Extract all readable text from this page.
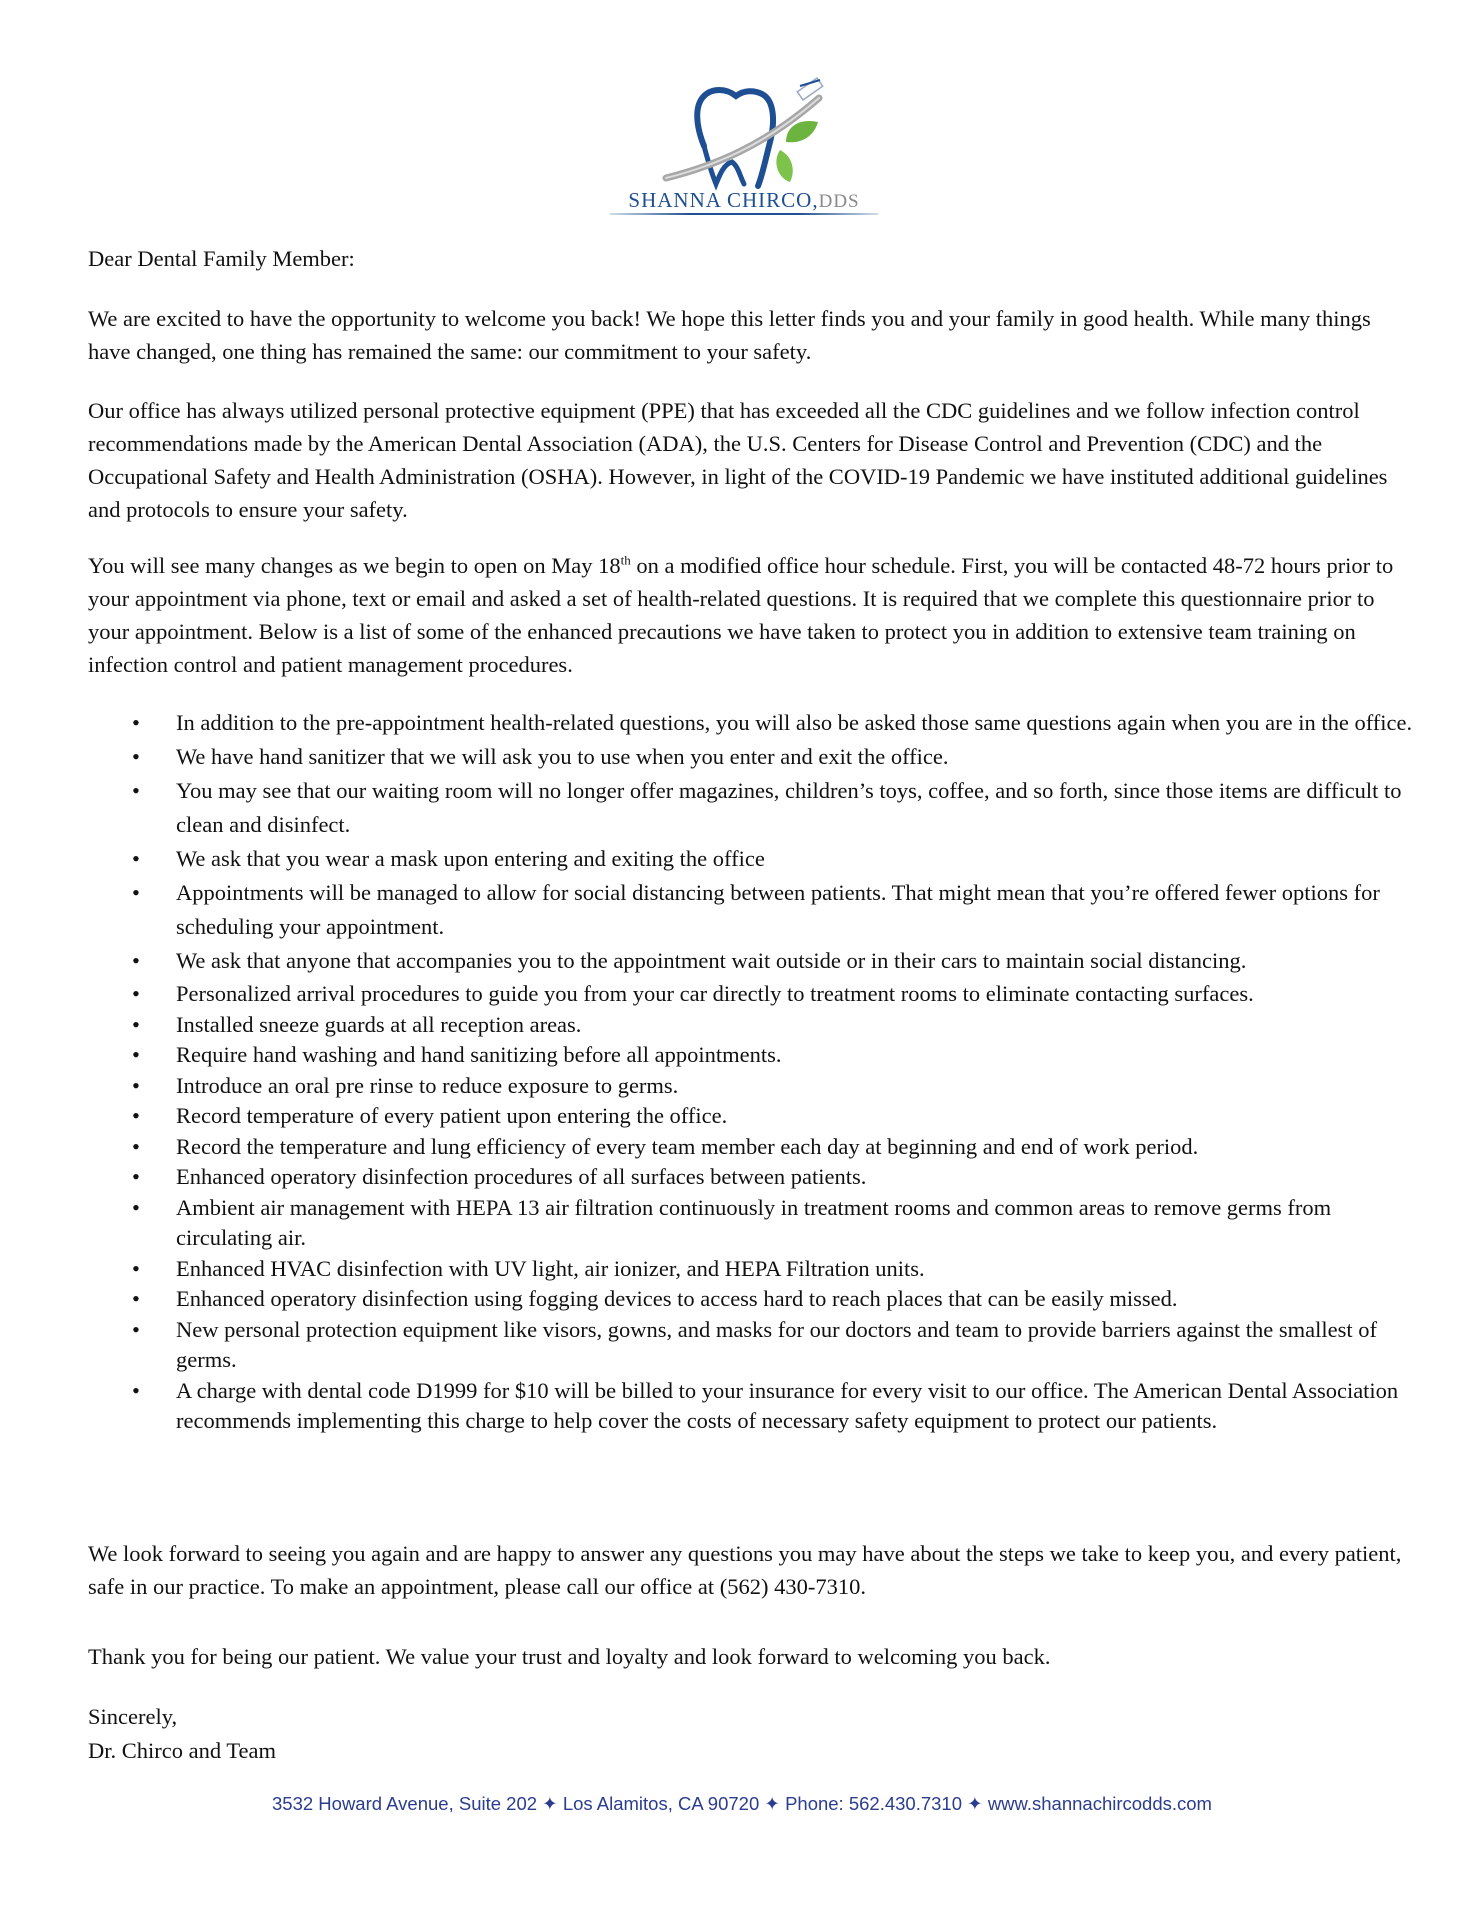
SHANNA CHIRCO,DDS

Dear Dental Family Member:

We are excited to have the opportunity to welcome you back! We hope this letter finds you and your family in good health. While many things have changed, one thing has remained the same: our commitment to your safety.

Our office has always utilized personal protective equipment (PPE) that has exceeded all the CDC guidelines and we follow infection control recommendations made by the American Dental Association (ADA), the U.S. Centers for Disease Control and Prevention (CDC) and the Occupational Safety and Health Administration (OSHA). However, in light of the COVID-19 Pandemic we have instituted additional guidelines and protocols to ensure your safety.

You will see many changes as we begin to open on May 18th on a modified office hour schedule. First, you will be contacted 48-72 hours prior to your appointment via phone, text or email and asked a set of health-related questions. It is required that we complete this questionnaire prior to your appointment. Below is a list of some of the enhanced precautions we have taken to protect you in addition to extensive team training on infection control and patient management procedures.

• In addition to the pre-appointment health-related questions, you will also be asked those same questions again when you are in the office.
• We have hand sanitizer that we will ask you to use when you enter and exit the office.
• You may see that our waiting room will no longer offer magazines, children’s toys, coffee, and so forth, since those items are difficult to clean and disinfect.
• We ask that you wear a mask upon entering and exiting the office
• Appointments will be managed to allow for social distancing between patients. That might mean that you’re offered fewer options for scheduling your appointment.
• We ask that anyone that accompanies you to the appointment wait outside or in their cars to maintain social distancing.
• Personalized arrival procedures to guide you from your car directly to treatment rooms to eliminate contacting surfaces.
• Installed sneeze guards at all reception areas.
• Require hand washing and hand sanitizing before all appointments.
• Introduce an oral pre rinse to reduce exposure to germs.
• Record temperature of every patient upon entering the office.
• Record the temperature and lung efficiency of every team member each day at beginning and end of work period.
• Enhanced operatory disinfection procedures of all surfaces between patients.
• Ambient air management with HEPA 13 air filtration continuously in treatment rooms and common areas to remove germs from circulating air.
• Enhanced HVAC disinfection with UV light, air ionizer, and HEPA Filtration units.
• Enhanced operatory disinfection using fogging devices to access hard to reach places that can be easily missed.
• New personal protection equipment like visors, gowns, and masks for our doctors and team to provide barriers against the smallest of germs.
• A charge with dental code D1999 for $10 will be billed to your insurance for every visit to our office. The American Dental Association recommends implementing this charge to help cover the costs of necessary safety equipment to protect our patients.

We look forward to seeing you again and are happy to answer any questions you may have about the steps we take to keep you, and every patient, safe in our practice. To make an appointment, please call our office at (562) 430-7310.

Thank you for being our patient. We value your trust and loyalty and look forward to welcoming you back.

Sincerely,
Dr. Chirco and Team
3532 Howard Avenue, Suite 202 ✦ Los Alamitos, CA 90720 ✦ Phone: 562.430.7310 ✦ www.shannachircodds.com
